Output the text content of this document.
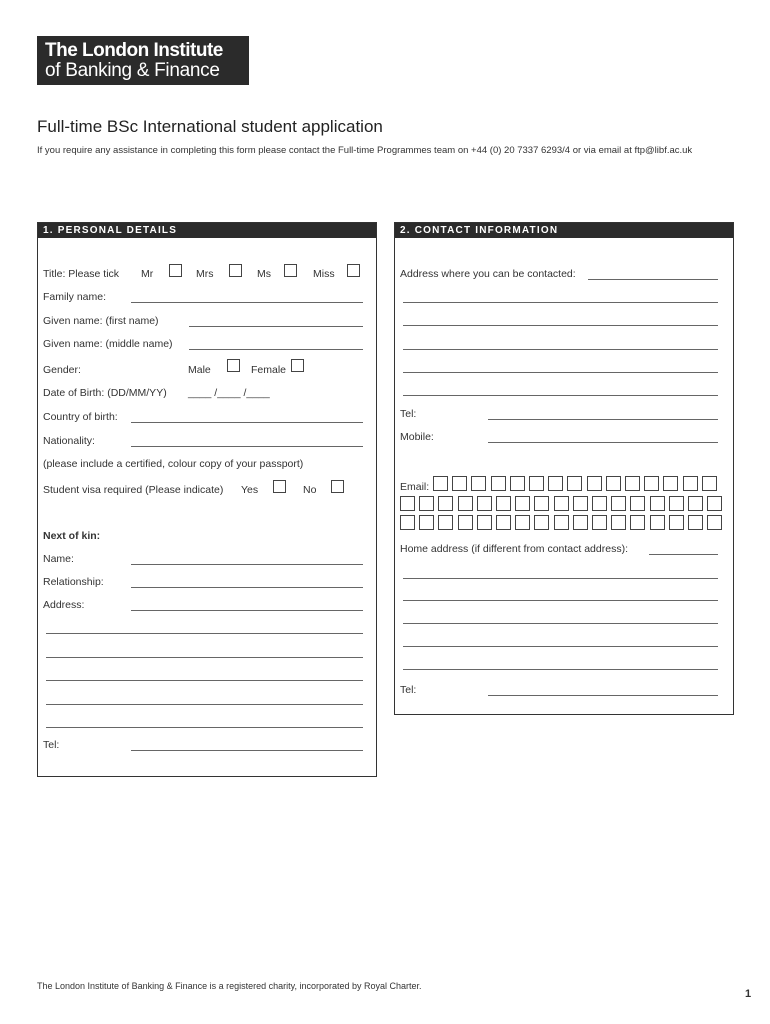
The London Institute
of Banking & Finance
Full-time BSc International student application
If you require any assistance in completing this form please contact the Full-time Programmes team on +44 (0) 20 7337 6293/4 or via email at ftp@libf.ac.uk
1. PERSONAL DETAILS
Title: Please tick Mr	Mrs	Ms	Miss
Family name:
Given name: (first name)
Given name: (middle name)
Gender:	Male	Female
Date of Birth: (DD/MM/YY) ____ /____ /____
Country of birth:
Nationality:
(please include a certified, colour copy of your passport)
Student visa required (Please indicate) Yes	No
Next of kin:
Name:
Relationship:
Address:
Tel:
2. CONTACT INFORMATION
Address where you can be contacted:
Tel:
Mobile:
Email:
Home address (if different from contact address):
Tel:
The London Institute of Banking & Finance is a registered charity, incorporated by Royal Charter.
1
